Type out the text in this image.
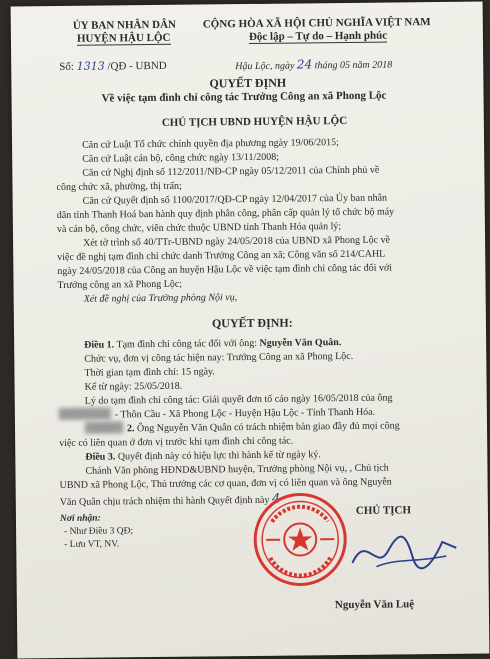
ỦY BAN NHÂN DÂN
HUYỆN HẬU LỘC
CỘNG HÒA XÃ HỘI CHỦ NGHĨA VIỆT NAM
Độc lập – Tự do – Hạnh phúc
Số: 1313 /QĐ - UBND	Hậu Lộc, ngày 24 tháng 05 năm 2018
QUYẾT ĐỊNH
Về việc tạm đình chỉ công tác Trưởng Công an xã Phong Lộc
CHỦ TỊCH UBND HUYỆN HẬU LỘC
Căn cứ Luật Tổ chức chính quyền địa phương ngày 19/06/2015;
Căn cứ Luật cán bộ, công chức ngày 13/11/2008;
Căn cứ Nghị định số 112/2011/NĐ-CP ngày 05/12/2011 của Chính phủ về
công chức xã, phường, thị trấn;
Căn cứ Quyết định số 1100/2017/QĐ-CP ngày 12/04/2017 của Ủy ban nhân
dân tỉnh Thanh Hoá ban hành quy định phân công, phân cấp quản lý tổ chức bộ máy
và cán bộ, công chức, viên chức thuộc UBND tỉnh Thanh Hóa quản lý;
Xét tờ trình số 40/TTr-UBND ngày 24/05/2018 của UBND xã Phong Lộc về
việc đề nghị tạm đình chỉ chức danh Trưởng Công an xã; Công văn số 214/CAHL
ngày 24/05/2018 của Công an huyện Hậu Lộc về việc tạm đình chỉ công tác đối với
Trưởng công an xã Phong Lộc;
Xét đề nghị của Trưởng phòng Nội vụ,
QUYẾT ĐỊNH:
Điều 1. Tạm đình chỉ công tác đối với ông: Nguyễn Văn Quân.
Chức vụ, đơn vị công tác hiện nay: Trưởng Công an xã Phong Lộc.
Thời gian tạm đình chỉ: 15 ngày.
Kể từ ngày: 25/05/2018.
Lý do tạm đình chỉ công tác: Giải quyết đơn tố cáo ngày 16/05/2018 của ông
- Thôn Cầu - Xã Phong Lộc - Huyện Hậu Lộc - Tỉnh Thanh Hóa.
2. Ông Nguyễn Văn Quân có trách nhiệm bàn giao đầy đủ mọi công
việc có liên quan ở đơn vị trước khi tạm đình chỉ công tác.
Điều 3. Quyết định này có hiệu lực thi hành kể từ ngày ký.
Chánh Văn phòng HĐND&UBND huyện, Trưởng phòng Nội vụ, , Chủ tịch
UBND xã Phong Lộc, Thủ trưởng các cơ quan, đơn vị có liên quan và ông Nguyễn
Văn Quân chịu trách nhiệm thi hành Quyết định này 4
Nơi nhận:
- Như Điều 3 QĐ;
- Lưu VT, NV.
CHỦ TỊCH
Nguyễn Văn Luệ
